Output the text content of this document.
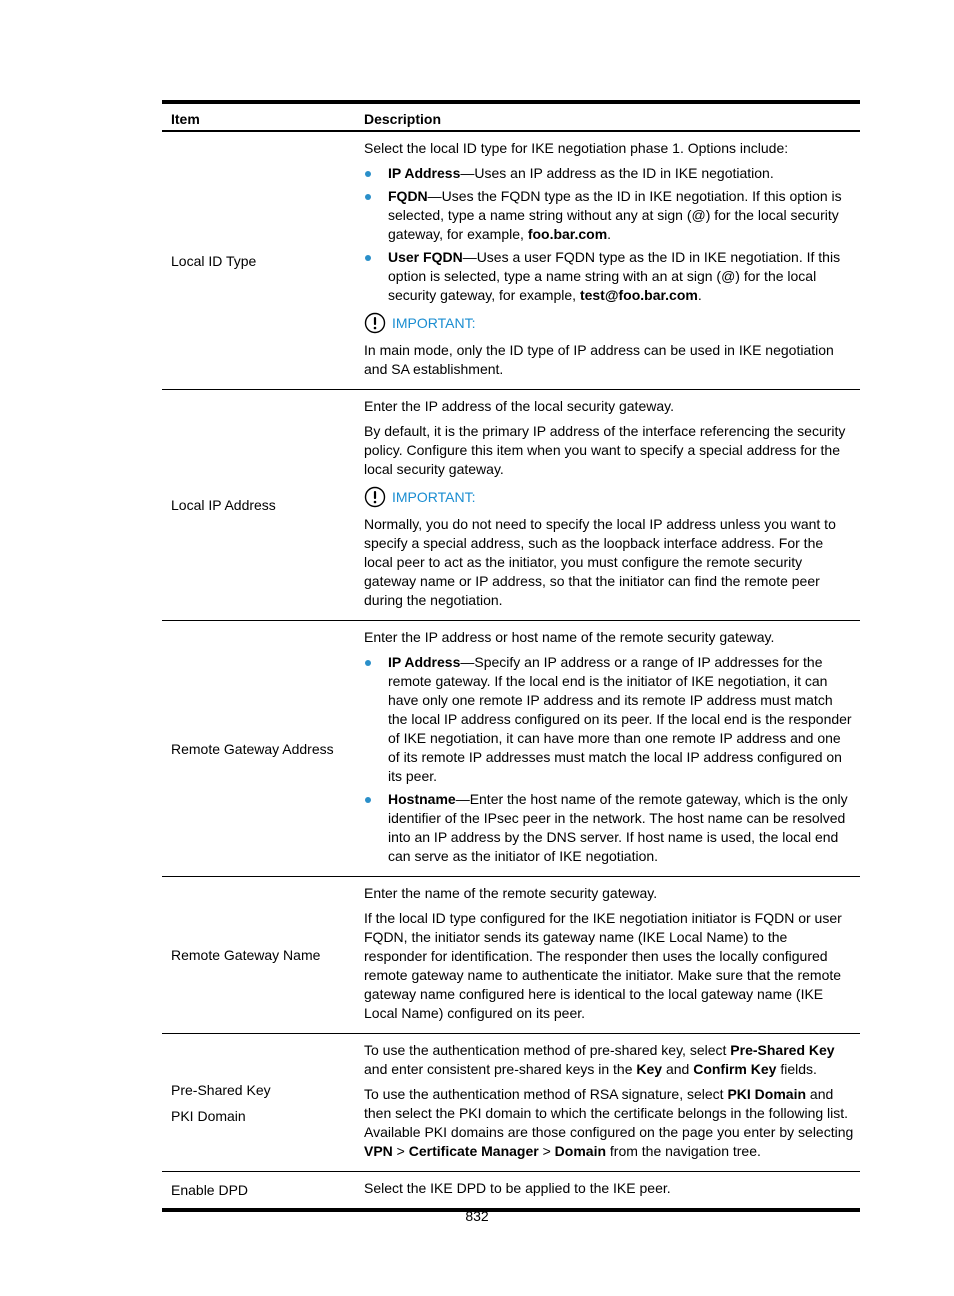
Item	Description

Local ID Type

Select the local ID type for IKE negotiation phase 1. Options include:

IP Address—Uses an IP address as the ID in IKE negotiation.
FQDN—Uses the FQDN type as the ID in IKE negotiation. If this option is selected, type a name string without any at sign (@) for the local security gateway, for example, foo.bar.com.
User FQDN—Uses a user FQDN type as the ID in IKE negotiation. If this option is selected, type a name string with an at sign (@) for the local security gateway, for example, test@foo.bar.com.
IMPORTANT:

In main mode, only the ID type of IP address can be used in IKE negotiation and SA establishment.

Local IP Address

Enter the IP address of the local security gateway.

By default, it is the primary IP address of the interface referencing the security policy. Configure this item when you want to specify a special address for the local security gateway.

IMPORTANT:

Normally, you do not need to specify the local IP address unless you want to specify a special address, such as the loopback interface address. For the local peer to act as the initiator, you must configure the remote security gateway name or IP address, so that the initiator can find the remote peer during the negotiation.

Remote Gateway Address

Enter the IP address or host name of the remote security gateway.

IP Address—Specify an IP address or a range of IP addresses for the remote gateway. If the local end is the initiator of IKE negotiation, it can have only one remote IP address and its remote IP address must match the local IP address configured on its peer. If the local end is the responder of IKE negotiation, it can have more than one remote IP address and one of its remote IP addresses must match the local IP address configured on its peer.
Hostname—Enter the host name of the remote gateway, which is the only identifier of the IPsec peer in the network. The host name can be resolved into an IP address by the DNS server. If host name is used, the local end can serve as the initiator of IKE negotiation.

Remote Gateway Name

Enter the name of the remote security gateway.

If the local ID type configured for the IKE negotiation initiator is FQDN or user FQDN, the initiator sends its gateway name (IKE Local Name) to the responder for identification. The responder then uses the locally configured remote gateway name to authenticate the initiator. Make sure that the remote gateway name configured here is identical to the local gateway name (IKE Local Name) configured on its peer.

Pre-Shared Key

PKI Domain

To use the authentication method of pre-shared key, select Pre-Shared Key and enter consistent pre-shared keys in the Key and Confirm Key fields.

To use the authentication method of RSA signature, select PKI Domain and then select the PKI domain to which the certificate belongs in the following list. Available PKI domains are those configured on the page you enter by selecting VPN > Certificate Manager > Domain from the navigation tree.

Enable DPD	Select the IKE DPD to be applied to the IKE peer.

832
